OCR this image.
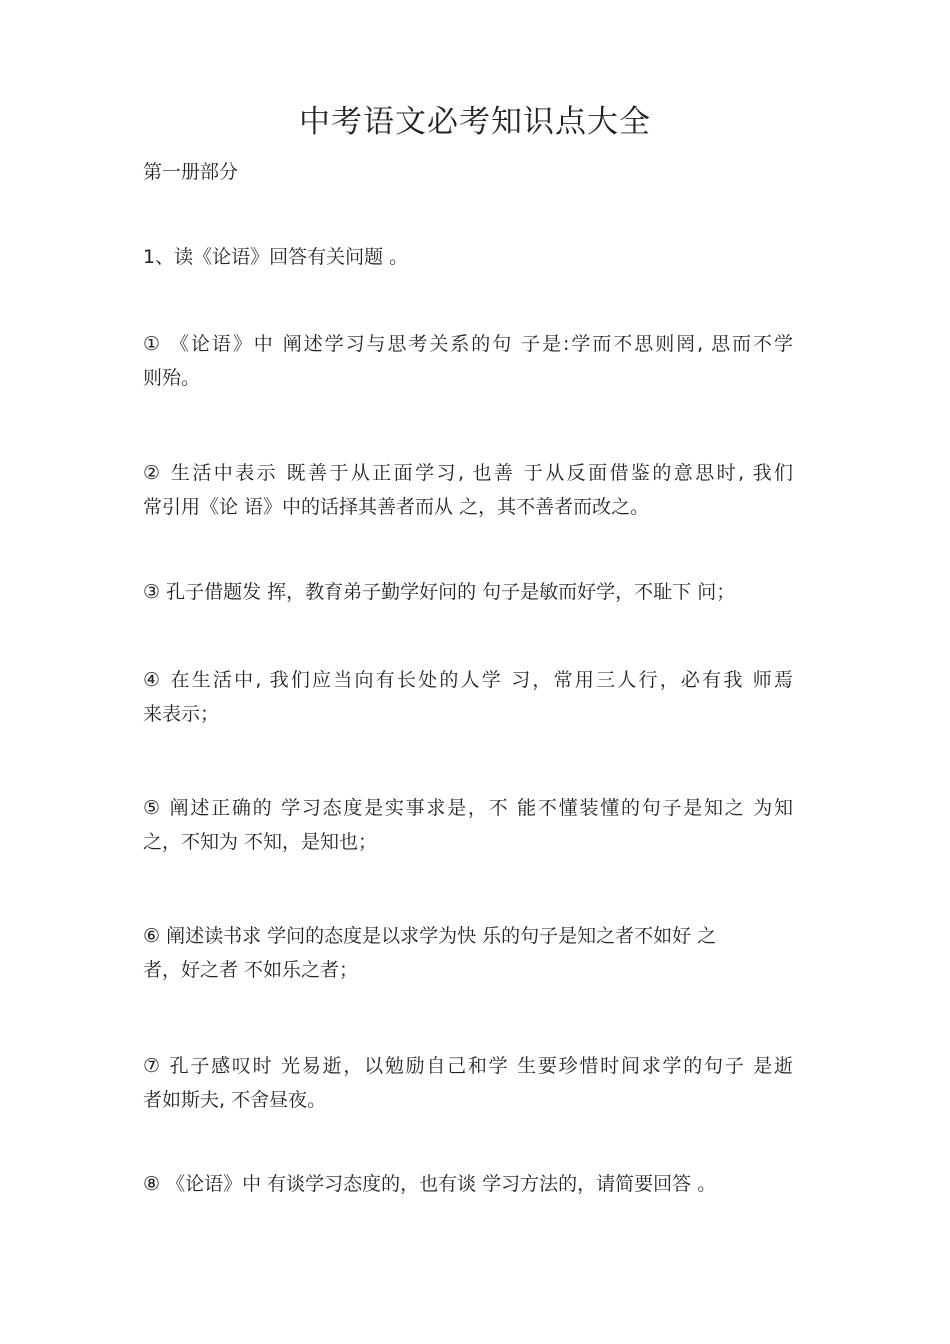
中考语文必考知识点大全
第一册部分
1、读《论语》回答有关问题 。
① 《论语》中 阐述学习与思考关系的句 子是:学而不思则罔, 思而不学
则殆。
② 生活中表示 既善于从正面学习, 也善 于从反面借鉴的意思时, 我们
常引用《论 语》中的话择其善者而从 之，其不善者而改之。
③ 孔子借题发 挥，教育弟子勤学好问的 句子是敏而好学，不耻下 问；
④ 在生活中, 我们应当向有长处的人学 习，常用三人行，必有我 师焉
来表示；
⑤ 阐述正确的 学习态度是实事求是，不 能不懂装懂的句子是知之 为知
之，不知为 不知，是知也；
⑥ 阐述读书求 学问的态度是以求学为快 乐的句子是知之者不如好 之
者，好之者 不如乐之者；
⑦ 孔子感叹时 光易逝，以勉励自己和学 生要珍惜时间求学的句子 是逝
者如斯夫, 不舍昼夜。
⑧ 《论语》中 有谈学习态度的，也有谈 学习方法的，请简要回答 。
